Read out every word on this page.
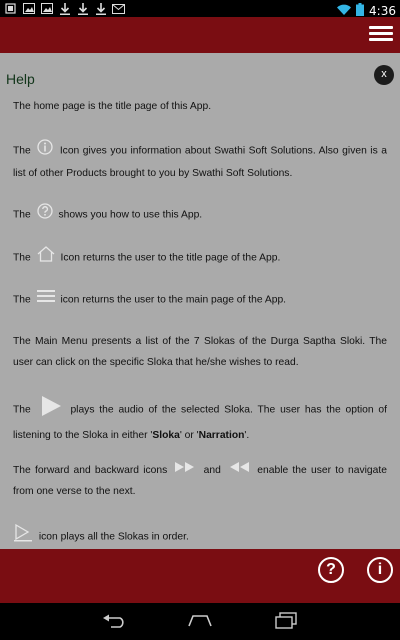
4:36
Help	x
The home page is the title page of this App.
The	Icon gives you information about Swathi Soft Solutions. Also given is a list of other Products brought to you by Swathi Soft Solutions.
The	shows you how to use this App.
The	Icon returns the user to the title page of the App.
The	icon returns the user to the main page of the App.
The Main Menu presents a list of the 7 Slokas of the Durga Saptha Sloki. The user can click on the specific Sloka that he/she wishes to read.
The	plays the audio of the selected Sloka. The user has the option of listening to the Sloka in either 'Sloka' or 'Narration'.
The forward and backward icons	and	enable the user to navigate from one verse to the next.
icon plays all the Slokas in order.
?	i
